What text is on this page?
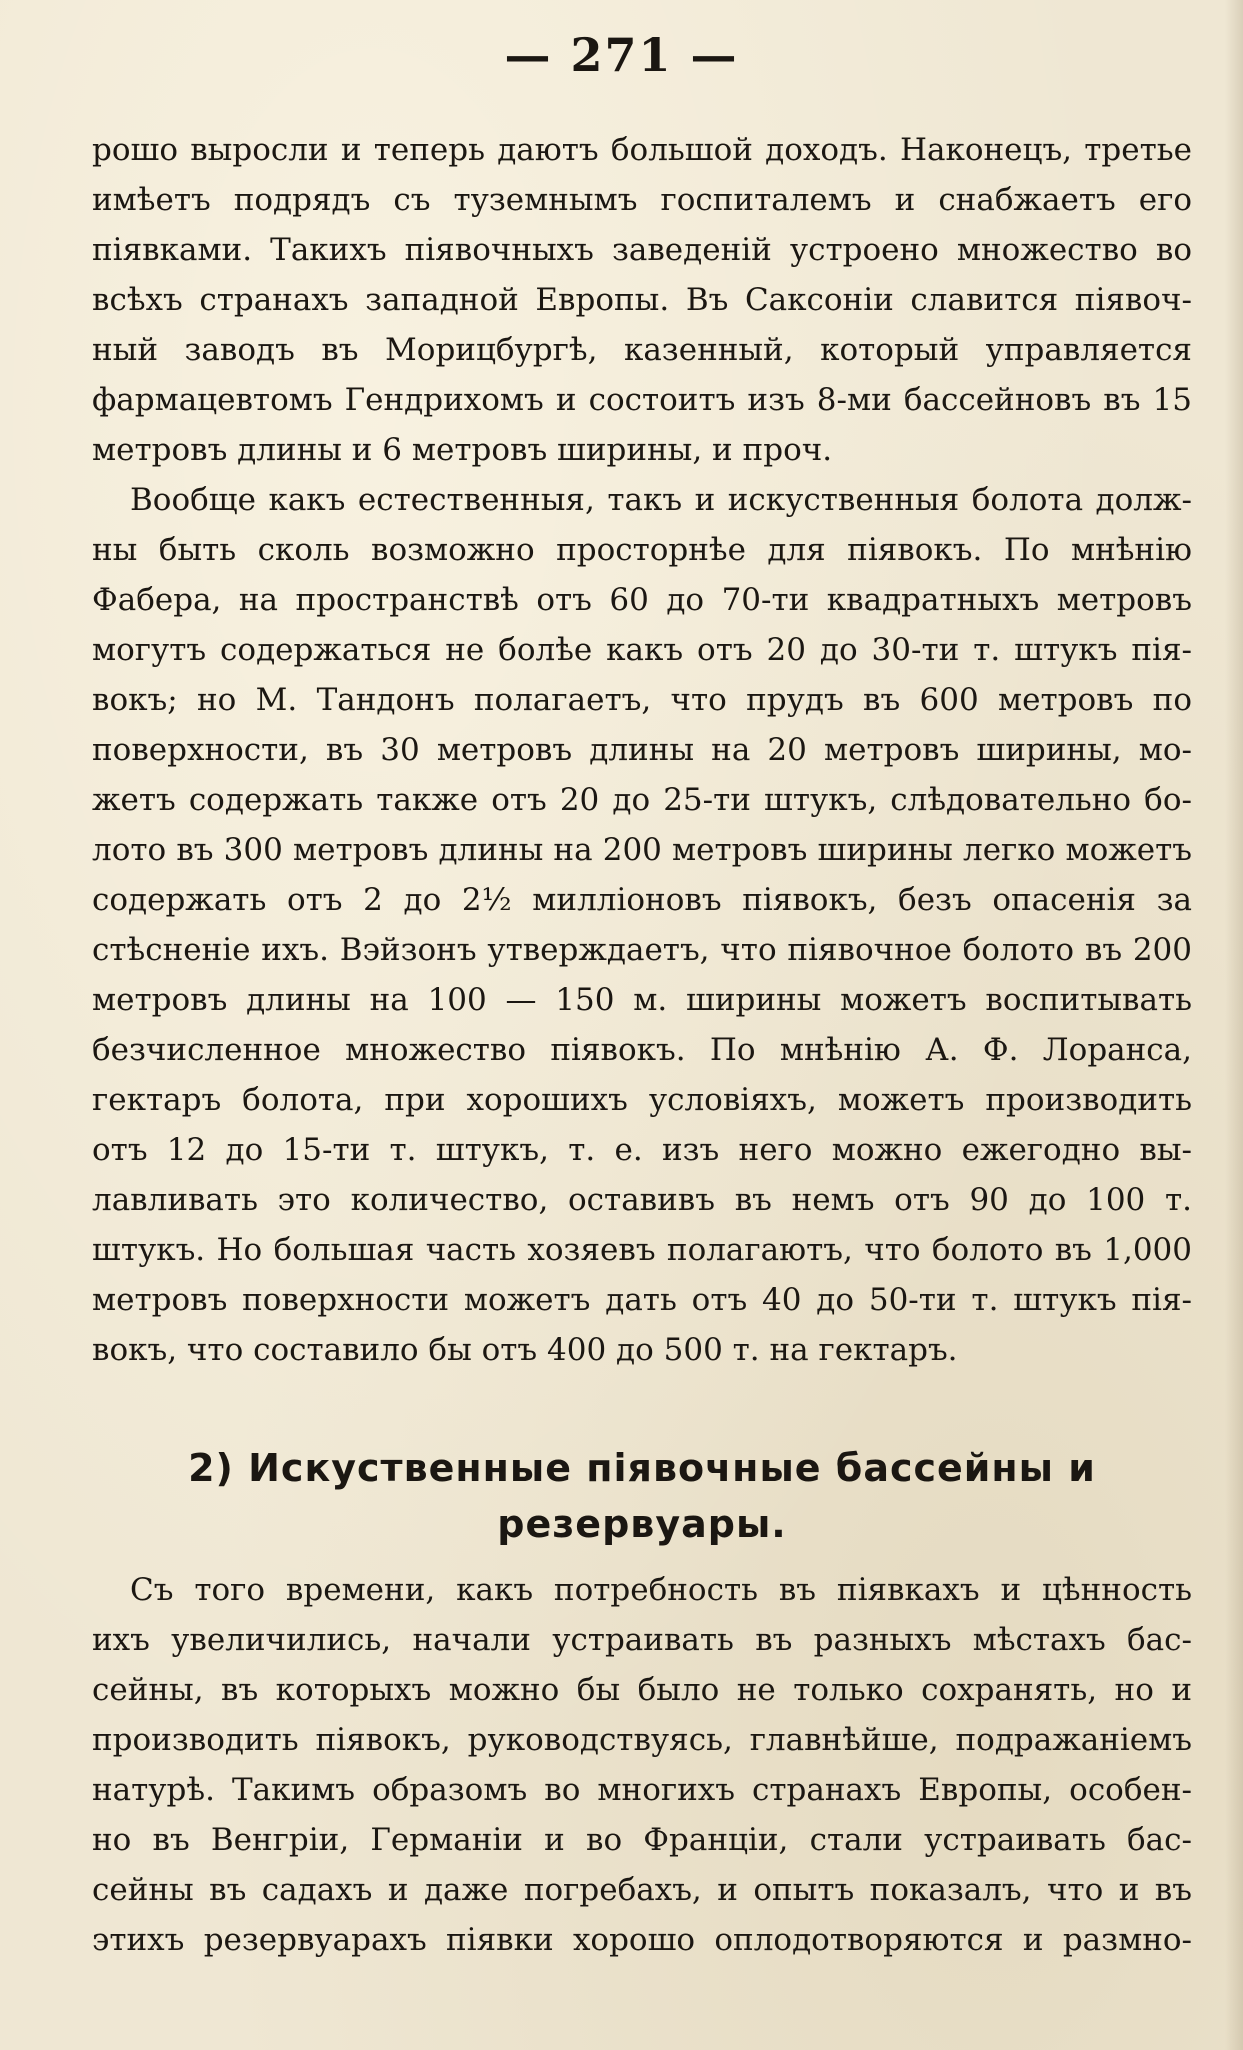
— 271 —
рошо выросли и теперь даютъ большой доходъ. Наконецъ, третье
имѣетъ подрядъ съ туземнымъ госпиталемъ и снабжаетъ его
піявками. Такихъ піявочныхъ заведеній устроено множество во
всѣхъ странахъ западной Европы. Въ Саксоніи славится піявоч-
ный заводъ въ Морицбургѣ, казенный, который управляется
фармацевтомъ Гендрихомъ и состоитъ изъ 8-ми бассейновъ въ 15
метровъ длины и 6 метровъ ширины, и проч.
Вообще какъ естественныя, такъ и искуственныя болота долж-
ны быть сколь возможно просторнѣе для піявокъ. По мнѣнію
Фабера, на пространствѣ отъ 60 до 70-ти квадратныхъ метровъ
могутъ содержаться не болѣе какъ отъ 20 до 30-ти т. штукъ пія-
вокъ; но М. Тандонъ полагаетъ, что прудъ въ 600 метровъ по
поверхности, въ 30 метровъ длины на 20 метровъ ширины, мо-
жетъ содержать также отъ 20 до 25-ти штукъ, слѣдовательно бо-
лото въ 300 метровъ длины на 200 метровъ ширины легко можетъ
содержать отъ 2 до 2½ милліоновъ піявокъ, безъ опасенія за
стѣсненіе ихъ. Вэйзонъ утверждаетъ, что піявочное болото въ 200
метровъ длины на 100 — 150 м. ширины можетъ воспитывать
безчисленное множество піявокъ. По мнѣнію А. Ф. Лоранса,
гектаръ болота, при хорошихъ условіяхъ, можетъ производить
отъ 12 до 15-ти т. штукъ, т. е. изъ него можно ежегодно вы-
лавливать это количество, оставивъ въ немъ отъ 90 до 100 т.
штукъ. Но большая часть хозяевъ полагаютъ, что болото въ 1,000
метровъ поверхности можетъ дать отъ 40 до 50-ти т. штукъ пія-
вокъ, что составило бы отъ 400 до 500 т. на гектаръ.
2) Искуственные піявочные бассейны и
резервуары.
Съ того времени, какъ потребность въ піявкахъ и цѣнность
ихъ увеличились, начали устраивать въ разныхъ мѣстахъ бас-
сейны, въ которыхъ можно бы было не только сохранять, но и
производить піявокъ, руководствуясь, главнѣйше, подражаніемъ
натурѣ. Такимъ образомъ во многихъ странахъ Европы, особен-
но въ Венгріи, Германіи и во Франціи, стали устраивать бас-
сейны въ садахъ и даже погребахъ, и опытъ показалъ, что и въ
этихъ резервуарахъ піявки хорошо оплодотворяются и размно-
